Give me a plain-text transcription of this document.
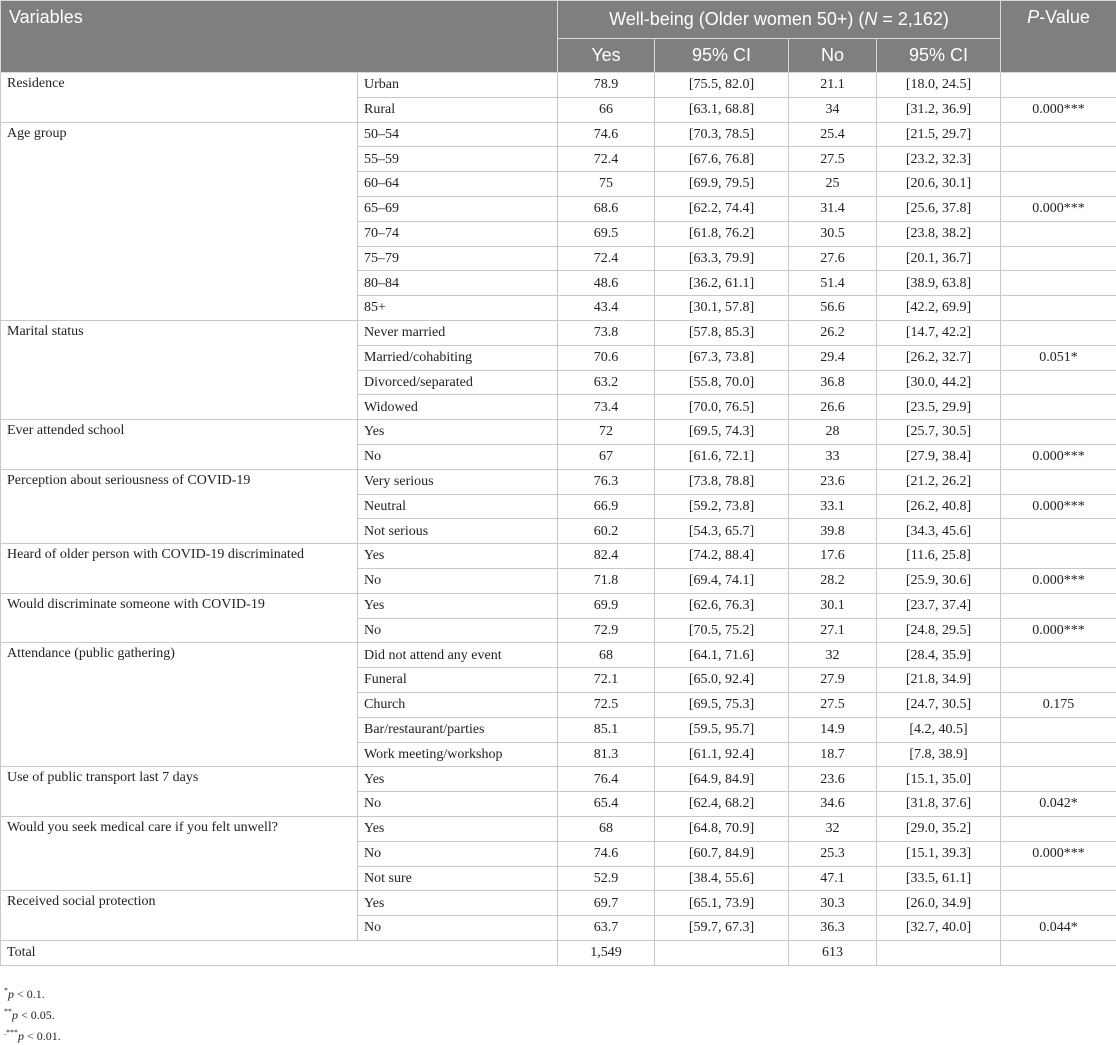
Variables		Well-being (Older women 50+) (N = 2,162)				P-Value
		Yes	95% CI	No	95% CI	
Residence	Urban	78.9	[75.5, 82.0]	21.1	[18.0, 24.5]	
	Rural	66	[63.1, 68.8]	34	[31.2, 36.9]	0.000***
Age group	50–54	74.6	[70.3, 78.5]	25.4	[21.5, 29.7]	
	55–59	72.4	[67.6, 76.8]	27.5	[23.2, 32.3]	
	60–64	75	[69.9, 79.5]	25	[20.6, 30.1]	
	65–69	68.6	[62.2, 74.4]	31.4	[25.6, 37.8]	0.000***
	70–74	69.5	[61.8, 76.2]	30.5	[23.8, 38.2]	
	75–79	72.4	[63.3, 79.9]	27.6	[20.1, 36.7]	
	80–84	48.6	[36.2, 61.1]	51.4	[38.9, 63.8]	
	85+	43.4	[30.1, 57.8]	56.6	[42.2, 69.9]	
Marital status	Never married	73.8	[57.8, 85.3]	26.2	[14.7, 42.2]	
	Married/cohabiting	70.6	[67.3, 73.8]	29.4	[26.2, 32.7]	0.051*
	Divorced/separated	63.2	[55.8, 70.0]	36.8	[30.0, 44.2]	
	Widowed	73.4	[70.0, 76.5]	26.6	[23.5, 29.9]	
Ever attended school	Yes	72	[69.5, 74.3]	28	[25.7, 30.5]	
	No	67	[61.6, 72.1]	33	[27.9, 38.4]	0.000***
Perception about seriousness of COVID-19	Very serious	76.3	[73.8, 78.8]	23.6	[21.2, 26.2]	
	Neutral	66.9	[59.2, 73.8]	33.1	[26.2, 40.8]	0.000***
	Not serious	60.2	[54.3, 65.7]	39.8	[34.3, 45.6]	
Heard of older person with COVID-19 discriminated	Yes	82.4	[74.2, 88.4]	17.6	[11.6, 25.8]	
	No	71.8	[69.4, 74.1]	28.2	[25.9, 30.6]	0.000***
Would discriminate someone with COVID-19	Yes	69.9	[62.6, 76.3]	30.1	[23.7, 37.4]	
	No	72.9	[70.5, 75.2]	27.1	[24.8, 29.5]	0.000***
Attendance (public gathering)	Did not attend any event	68	[64.1, 71.6]	32	[28.4, 35.9]	
	Funeral	72.1	[65.0, 92.4]	27.9	[21.8, 34.9]	
	Church	72.5	[69.5, 75.3]	27.5	[24.7, 30.5]	0.175
	Bar/restaurant/parties	85.1	[59.5, 95.7]	14.9	[4.2, 40.5]	
	Work meeting/workshop	81.3	[61.1, 92.4]	18.7	[7.8, 38.9]	
Use of public transport last 7 days	Yes	76.4	[64.9, 84.9]	23.6	[15.1, 35.0]	
	No	65.4	[62.4, 68.2]	34.6	[31.8, 37.6]	0.042*
Would you seek medical care if you felt unwell?	Yes	68	[64.8, 70.9]	32	[29.0, 35.2]	
	No	74.6	[60.7, 84.9]	25.3	[15.1, 39.3]	0.000***
	Not sure	52.9	[38.4, 55.6]	47.1	[33.5, 61.1]	
Received social protection	Yes	69.7	[65.1, 73.9]	30.3	[26.0, 34.9]	
	No	63.7	[59.7, 67.3]	36.3	[32.7, 40.0]	0.044*
Total		1,549		613		
*p < 0.1.
**p < 0.05.
.***p < 0.01.
